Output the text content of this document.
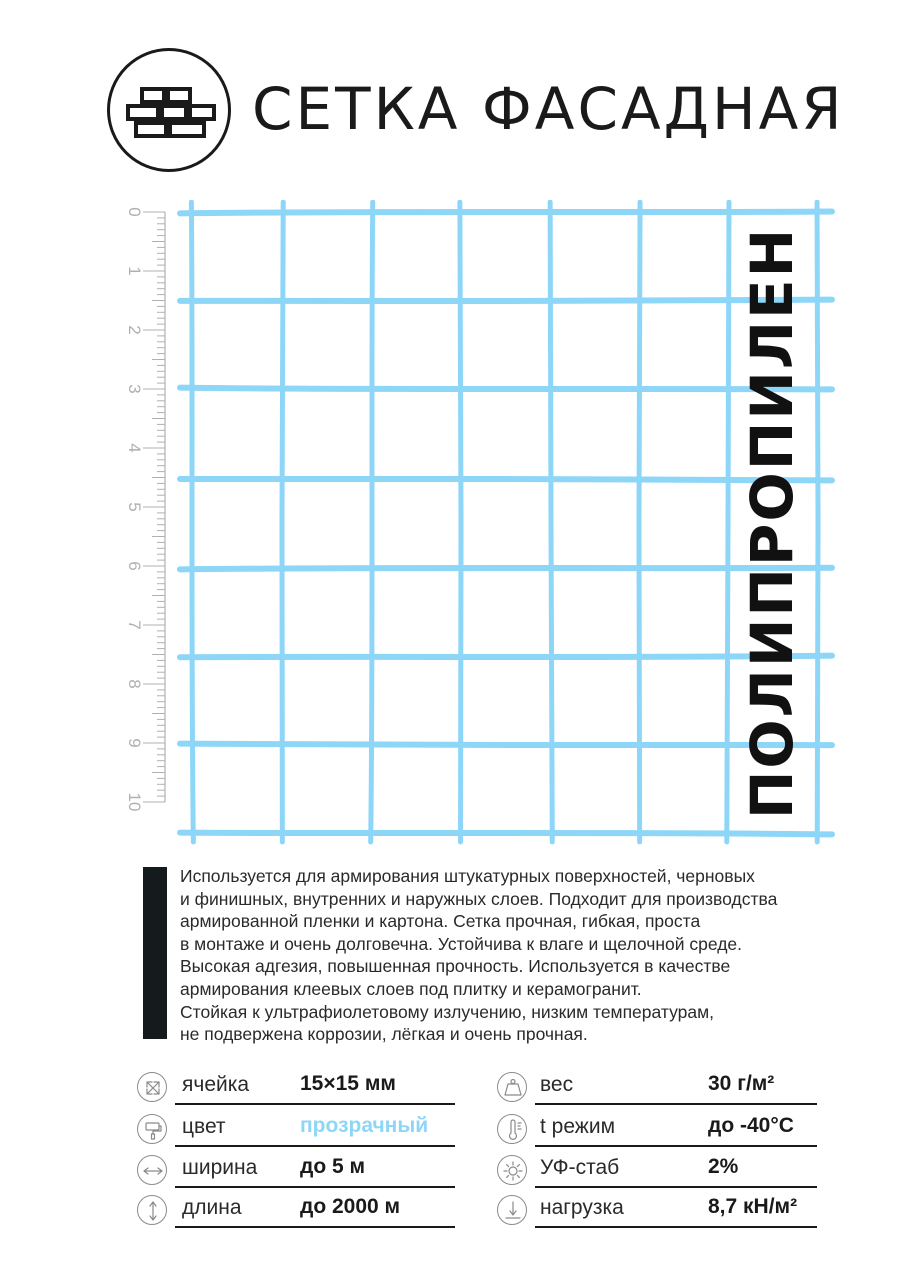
СЕТКА ФАСАДНАЯ
0
1
2
3
4
5
6
7
8
9
10	ПОЛИПРОПИЛЕН
Используется для армирования штукатурных поверхностей, черновых
и финишных, внутренних и наружных слоев. Подходит для производства
армированной пленки и картона. Сетка прочная, гибкая, проста
в монтаже и очень долговечна. Устойчива к влаге и щелочной среде.
Высокая адгезия, повышенная прочность. Используется в качестве
армирования клеевых слоев под плитку и керамогранит.
Стойкая к ультрафиолетовому излучению, низким температурам,
не подвержена коррозии, лёгкая и очень прочная.
ячейка 15×15 мм
цвет	прозрачный
ширина до 5 м
длина	до 2000 м
вес	30 г/м²
t режим	до -40°C
УФ-стаб	2%
нагрузка	8,7 кН/м²
